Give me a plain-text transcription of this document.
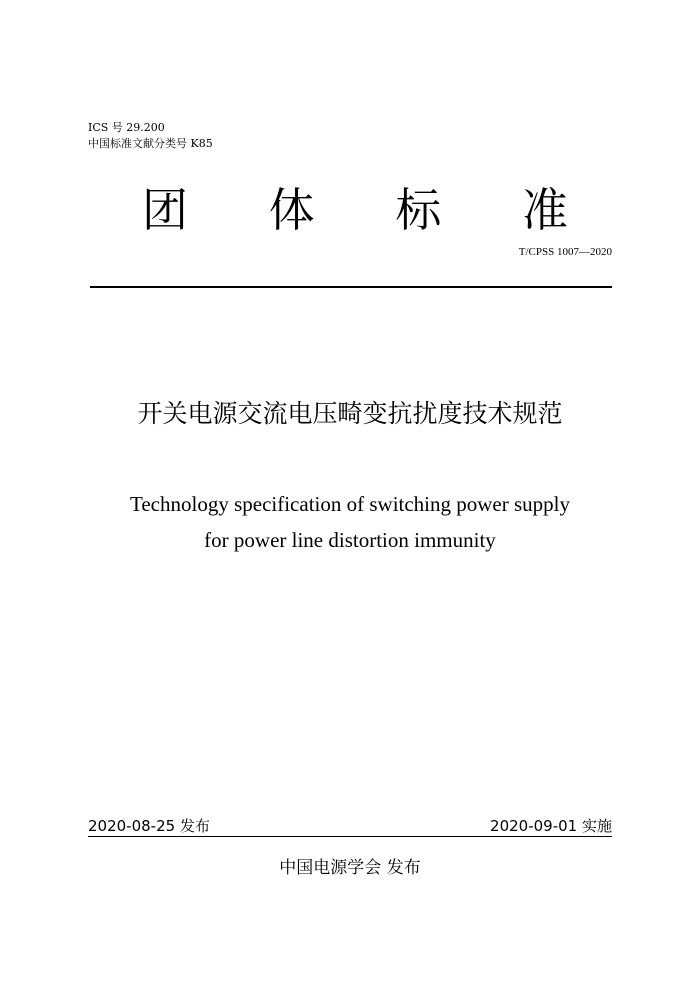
ICS 号 29.200
中国标准文献分类号 K85
团 体 标 准
T/CPSS 1007—2020
开关电源交流电压畸变抗扰度技术规范
Technology specification of switching power supply
for power line distortion immunity
2020-08-25 发布	2020-09-01 实施
中国电源学会 发布
